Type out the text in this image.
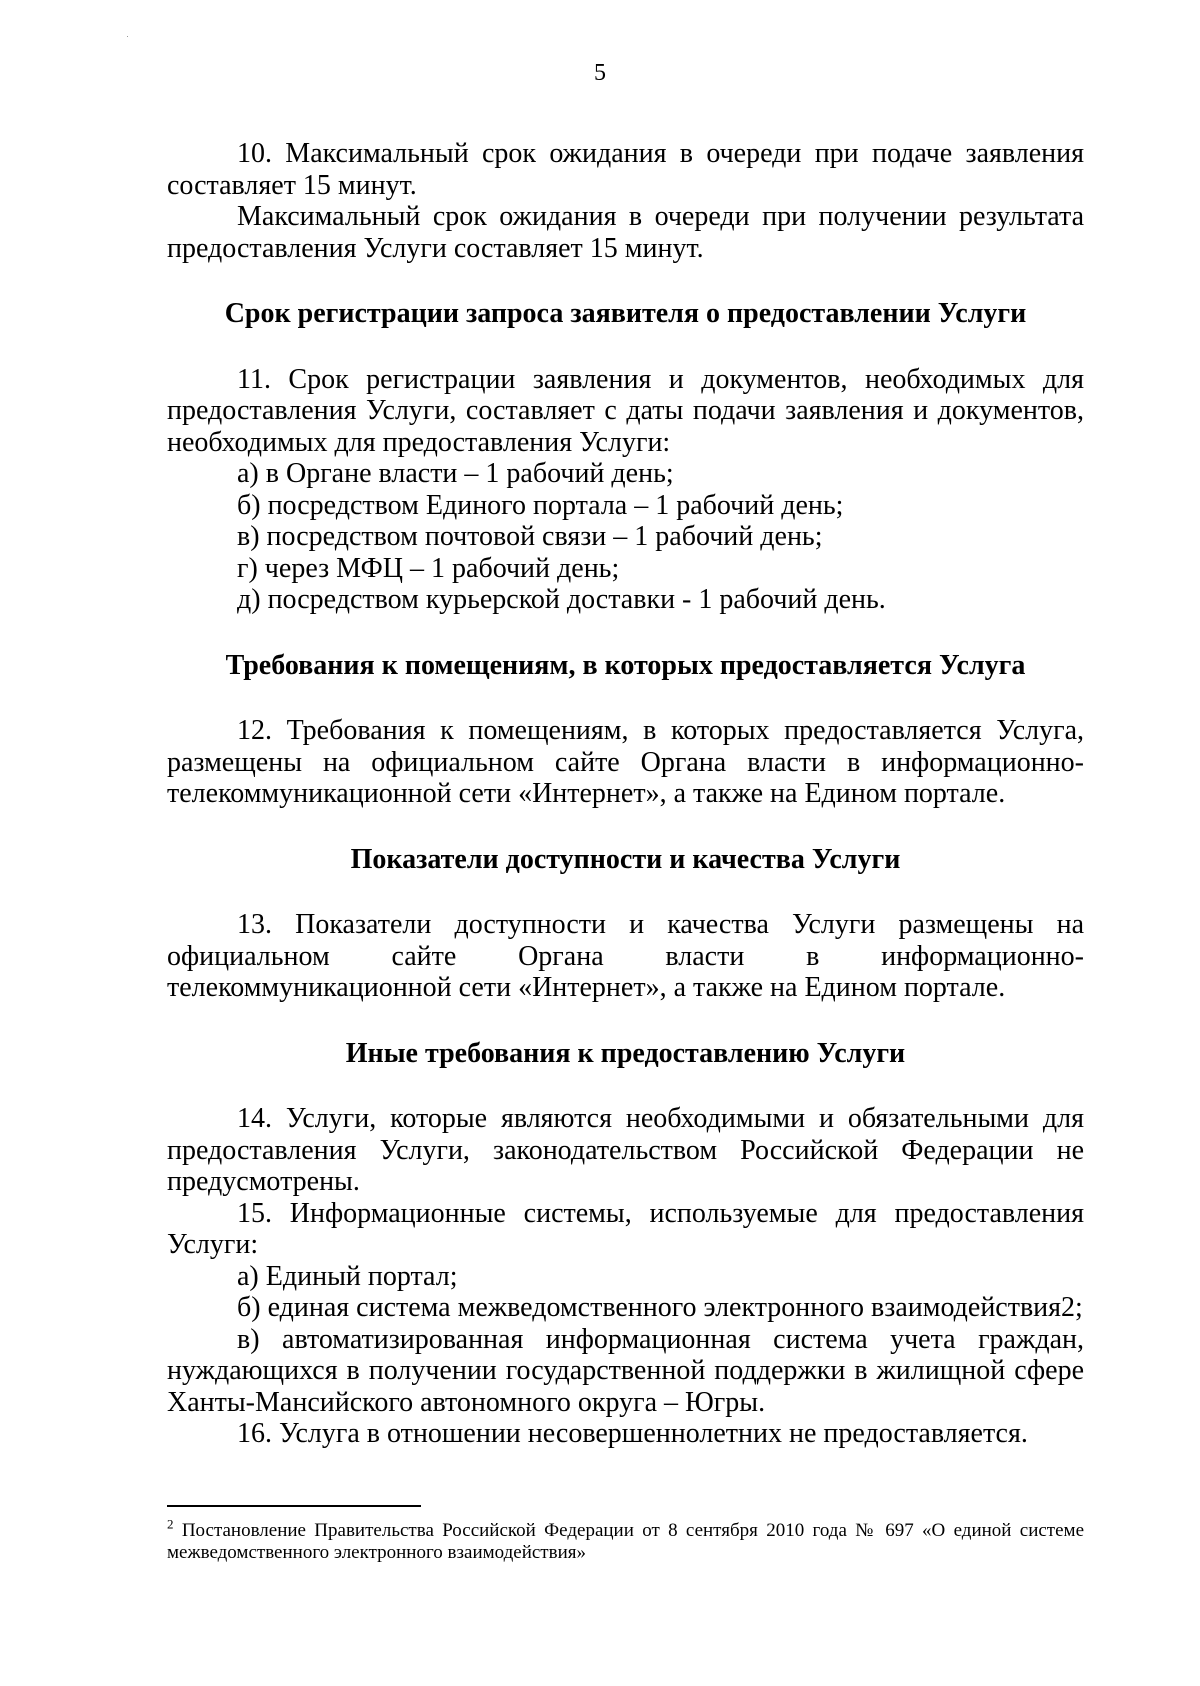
5

10. Максимальный срок ожидания в очереди при подаче заявления составляет 15 минут.

Максимальный срок ожидания в очереди при получении результата предоставления Услуги составляет 15 минут.

Срок регистрации запроса заявителя о предоставлении Услуги

11. Срок регистрации заявления и документов, необходимых для предоставления Услуги, составляет с даты подачи заявления и документов, необходимых для предоставления Услуги:

а) в Органе власти – 1 рабочий день;

б) посредством Единого портала – 1 рабочий день;

в) посредством почтовой связи – 1 рабочий день;

г) через МФЦ – 1 рабочий день;

д) посредством курьерской доставки - 1 рабочий день.

Требования к помещениям, в которых предоставляется Услуга

12. Требования к помещениям, в которых предоставляется Услуга, размещены на официальном сайте Органа власти в информационно-телекоммуникационной сети «Интернет», а также на Едином портале.

Показатели доступности и качества Услуги

13. Показатели доступности и качества Услуги размещены на официальном сайте Органа власти в информационно-телекоммуникационной сети «Интернет», а также на Едином портале.

Иные требования к предоставлению Услуги

14. Услуги, которые являются необходимыми и обязательными для предоставления Услуги, законодательством Российской Федерации не предусмотрены.

15. Информационные системы, используемые для предоставления Услуги:

а) Единый портал;

б) единая система межведомственного электронного взаимодействия2;

в) автоматизированная информационная система учета граждан, нуждающихся в получении государственной поддержки в жилищной сфере Ханты-Мансийского автономного округа – Югры.

16. Услуга в отношении несовершеннолетних не предоставляется.

$^2$ Постановление Правительства Российской Федерации от 8 сентября 2010 года № 697 «О единой системе межведомственного электронного взаимодействия»
